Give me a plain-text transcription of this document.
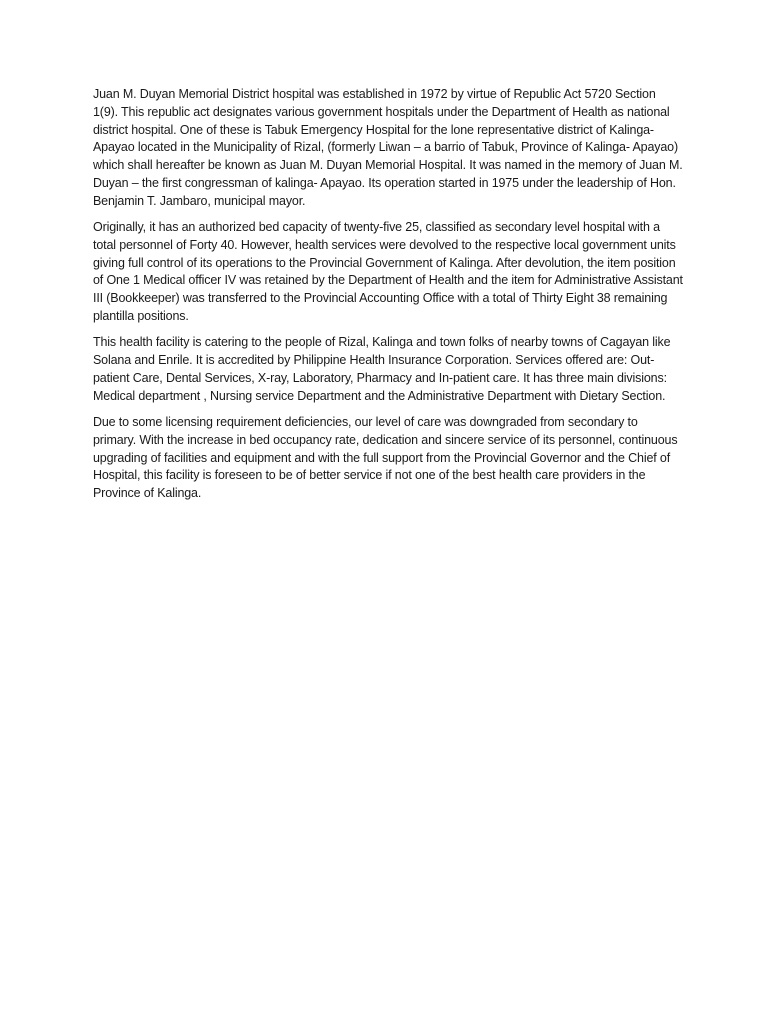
Juan M. Duyan Memorial District hospital was established in 1972 by virtue of Republic Act 5720 Section 1(9). This republic act designates various government hospitals under the Department of Health as national district hospital. One of these is Tabuk Emergency Hospital for the lone representative district of Kalinga- Apayao located in the Municipality of Rizal, (formerly Liwan – a barrio of Tabuk, Province of Kalinga- Apayao) which shall hereafter be known as Juan M. Duyan Memorial Hospital. It was named in the memory of Juan M. Duyan – the first congressman of kalinga- Apayao. Its operation started in 1975 under the leadership of Hon. Benjamin T. Jambaro, municipal mayor.

Originally, it has an authorized bed capacity of twenty-five 25, classified as secondary level hospital with a total personnel of Forty 40. However, health services were devolved to the respective local government units giving full control of its operations to the Provincial Government of Kalinga. After devolution, the item position of One 1 Medical officer IV was retained by the Department of Health and the item for Administrative Assistant III (Bookkeeper) was transferred to the Provincial Accounting Office with a total of Thirty Eight 38 remaining plantilla positions.

This health facility is catering to the people of Rizal, Kalinga and town folks of nearby towns of Cagayan like Solana and Enrile. It is accredited by Philippine Health Insurance Corporation. Services offered are: Out-patient Care, Dental Services, X-ray, Laboratory, Pharmacy and In-patient care. It has three main divisions: Medical department , Nursing service Department and the Administrative Department with Dietary Section.

Due to some licensing requirement deficiencies, our level of care was downgraded from secondary to primary. With the increase in bed occupancy rate, dedication and sincere service of its personnel, continuous upgrading of facilities and equipment and with the full support from the Provincial Governor and the Chief of Hospital, this facility is foreseen to be of better service if not one of the best health care providers in the Province of Kalinga.
